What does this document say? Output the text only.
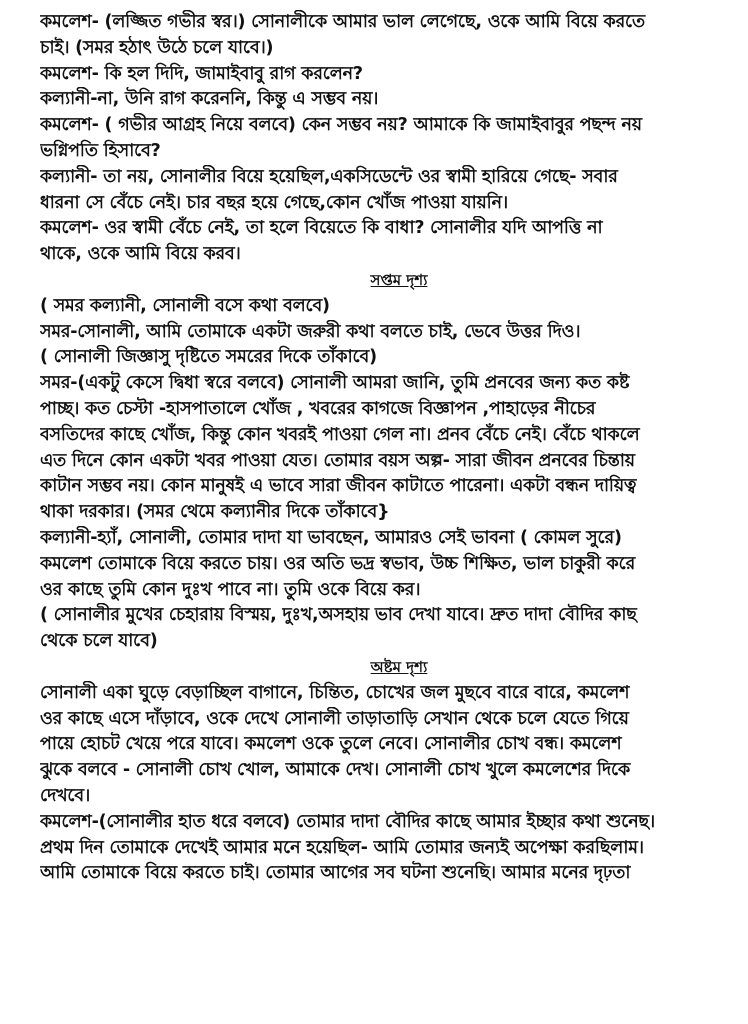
কমলেশ- (লজ্জিত গভীর স্বর।) সোনালীকে আমার ভাল লেগেছে, ওকে আমি বিয়ে করতে
চাই। (সমর হঠাৎ উঠে চলে যাবে।)
কমলেশ- কি হল দিদি, জামাইবাবু রাগ করলেন?
কল্যানী-না, উনি রাগ করেননি, কিন্তু এ সম্ভব নয়।
কমলেশ- ( গভীর আগ্রহ নিয়ে বলবে) কেন সম্ভব নয়? আমাকে কি জামাইবাবুর পছন্দ নয়
ভগ্নিপতি হিসাবে?
কল্যানী- তা নয়, সোনালীর বিয়ে হয়েছিল,একসিডেন্টে ওর স্বামী হারিয়ে গেছে- সবার
ধারনা সে বেঁচে নেই। চার বছর হয়ে গেছে,কোন খোঁজ পাওয়া যায়নি।
কমলেশ- ওর স্বামী বেঁচে নেই, তা হলে বিয়েতে কি বাধা? সোনালীর যদি আপত্তি না
থাকে, ওকে আমি বিয়ে করব।
সপ্তম দৃশ্য
( সমর কল্যানী, সোনালী বসে কথা বলবে)
সমর-সোনালী, আমি তোমাকে একটা জরুরী কথা বলতে চাই, ভেবে উত্তর দিও।
( সোনালী জিজ্ঞাসু দৃষ্টিতে সমরের দিকে তাঁকাবে)
সমর-(একটু কেসে দ্বিধা স্বরে বলবে) সোনালী আমরা জানি, তুমি প্রনবের জন্য কত কষ্ট
পাচ্ছ। কত চেস্টা -হাসপাতালে খোঁজ , খবরের কাগজে বিজ্ঞাপন ,পাহাড়ের নীচের
বসতিদের কাছে খোঁজ, কিন্তু কোন খবরই পাওয়া গেল না। প্রনব বেঁচে নেই। বেঁচে থাকলে
এত দিনে কোন একটা খবর পাওয়া যেত। তোমার বয়স অল্প- সারা জীবন প্রনবের চিন্তায়
কাটান সম্ভব নয়। কোন মানুষই এ ভাবে সারা জীবন কাটাতে পারেনা। একটা বন্ধন দায়িত্ব
থাকা দরকার। (সমর থেমে কল্যানীর দিকে তাঁকাবে}
কল্যানী-হ্যাঁ, সোনালী, তোমার দাদা যা ভাবছেন, আমারও সেই ভাবনা ( কোমল সুরে)
কমলেশ তোমাকে বিয়ে করতে চায়। ওর অতি ভদ্র স্বভাব, উচ্চ শিক্ষিত, ভাল চাকুরী করে
ওর কাছে তুমি কোন দুঃখ পাবে না। তুমি ওকে বিয়ে কর।
( সোনালীর মুখের চেহারায় বিস্ময়, দুঃখ,অসহায় ভাব দেখা যাবে। দ্রুত দাদা বৌদির কাছ
থেকে চলে যাবে)
অষ্টম দৃশ্য
সোনালী একা ঘুড়ে বেড়াচ্ছিল বাগানে, চিন্তিত, চোখের জল মুছবে বারে বারে, কমলেশ
ওর কাছে এসে দাঁড়াবে, ওকে দেখে সোনালী তাড়াতাড়ি সেখান থেকে চলে যেতে গিয়ে
পায়ে হোচট খেয়ে পরে যাবে। কমলেশ ওকে তুলে নেবে। সোনালীর চোখ বন্ধ। কমলেশ
ঝুকে বলবে - সোনালী চোখ খোল, আমাকে দেখ। সোনালী চোখ খুলে কমলেশের দিকে
দেখবে।
কমলেশ-(সোনালীর হাত ধরে বলবে) তোমার দাদা বৌদির কাছে আমার ইচ্ছার কথা শুনেছ।
প্রথম দিন তোমাকে দেখেই আমার মনে হয়েছিল- আমি তোমার জন্যই অপেক্ষা করছিলাম।
আমি তোমাকে বিয়ে করতে চাই। তোমার আগের সব ঘটনা শুনেছি। আমার মনের দৃঢ়তা
